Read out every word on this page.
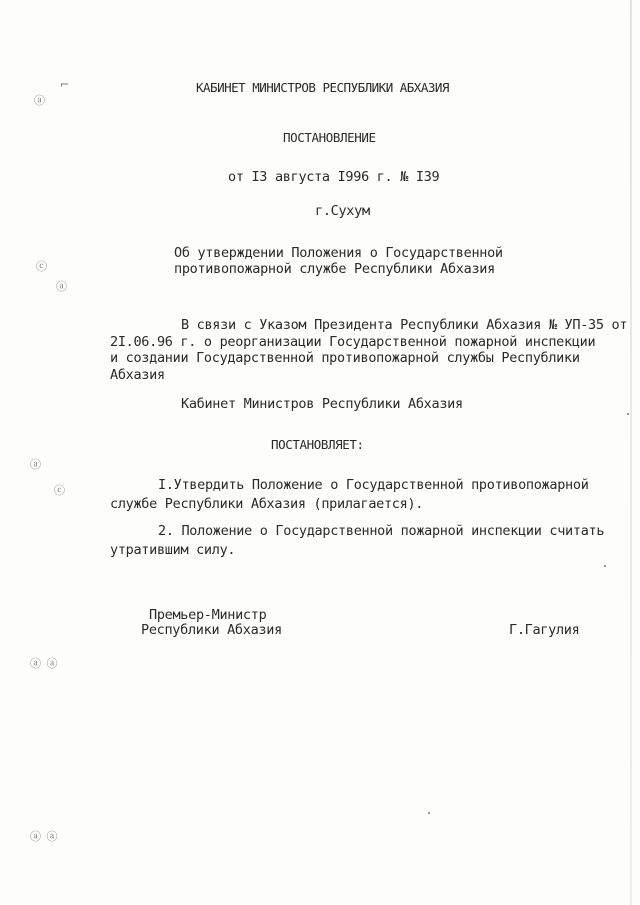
ⓐ
⌐
ⓒ
ⓐ
ⓐ
ⓒ
ⓐ ⓐ
ⓐ ⓐ
КАБИНЕТ МИНИСТРОВ РЕСПУБЛИКИ АБХАЗИЯ
ПОСТАНОВЛЕНИЕ
от I3 августа I996 г. № I39
г.Сухум
Об утверждении Положения о Государственной
противопожарной службе Республики Абхазия
В связи с Указом Президента Республики Абхазия № УП-35 от
2I.06.96 г. о реорганизации Государственной пожарной инспекции
и создании Государственной противопожарной службы Республики
Абхазия
Кабинет Министров Республики Абхазия
ПОСТАНОВЛЯЕТ:
I.Утвердить Положение о Государственной противопожарной
службе Республики Абхазия (прилагается).
2. Положение о Государственной пожарной инспекции считать
утратившим силу.
Премьер-Министр
Республики Абхазия	Г.Гагулия
